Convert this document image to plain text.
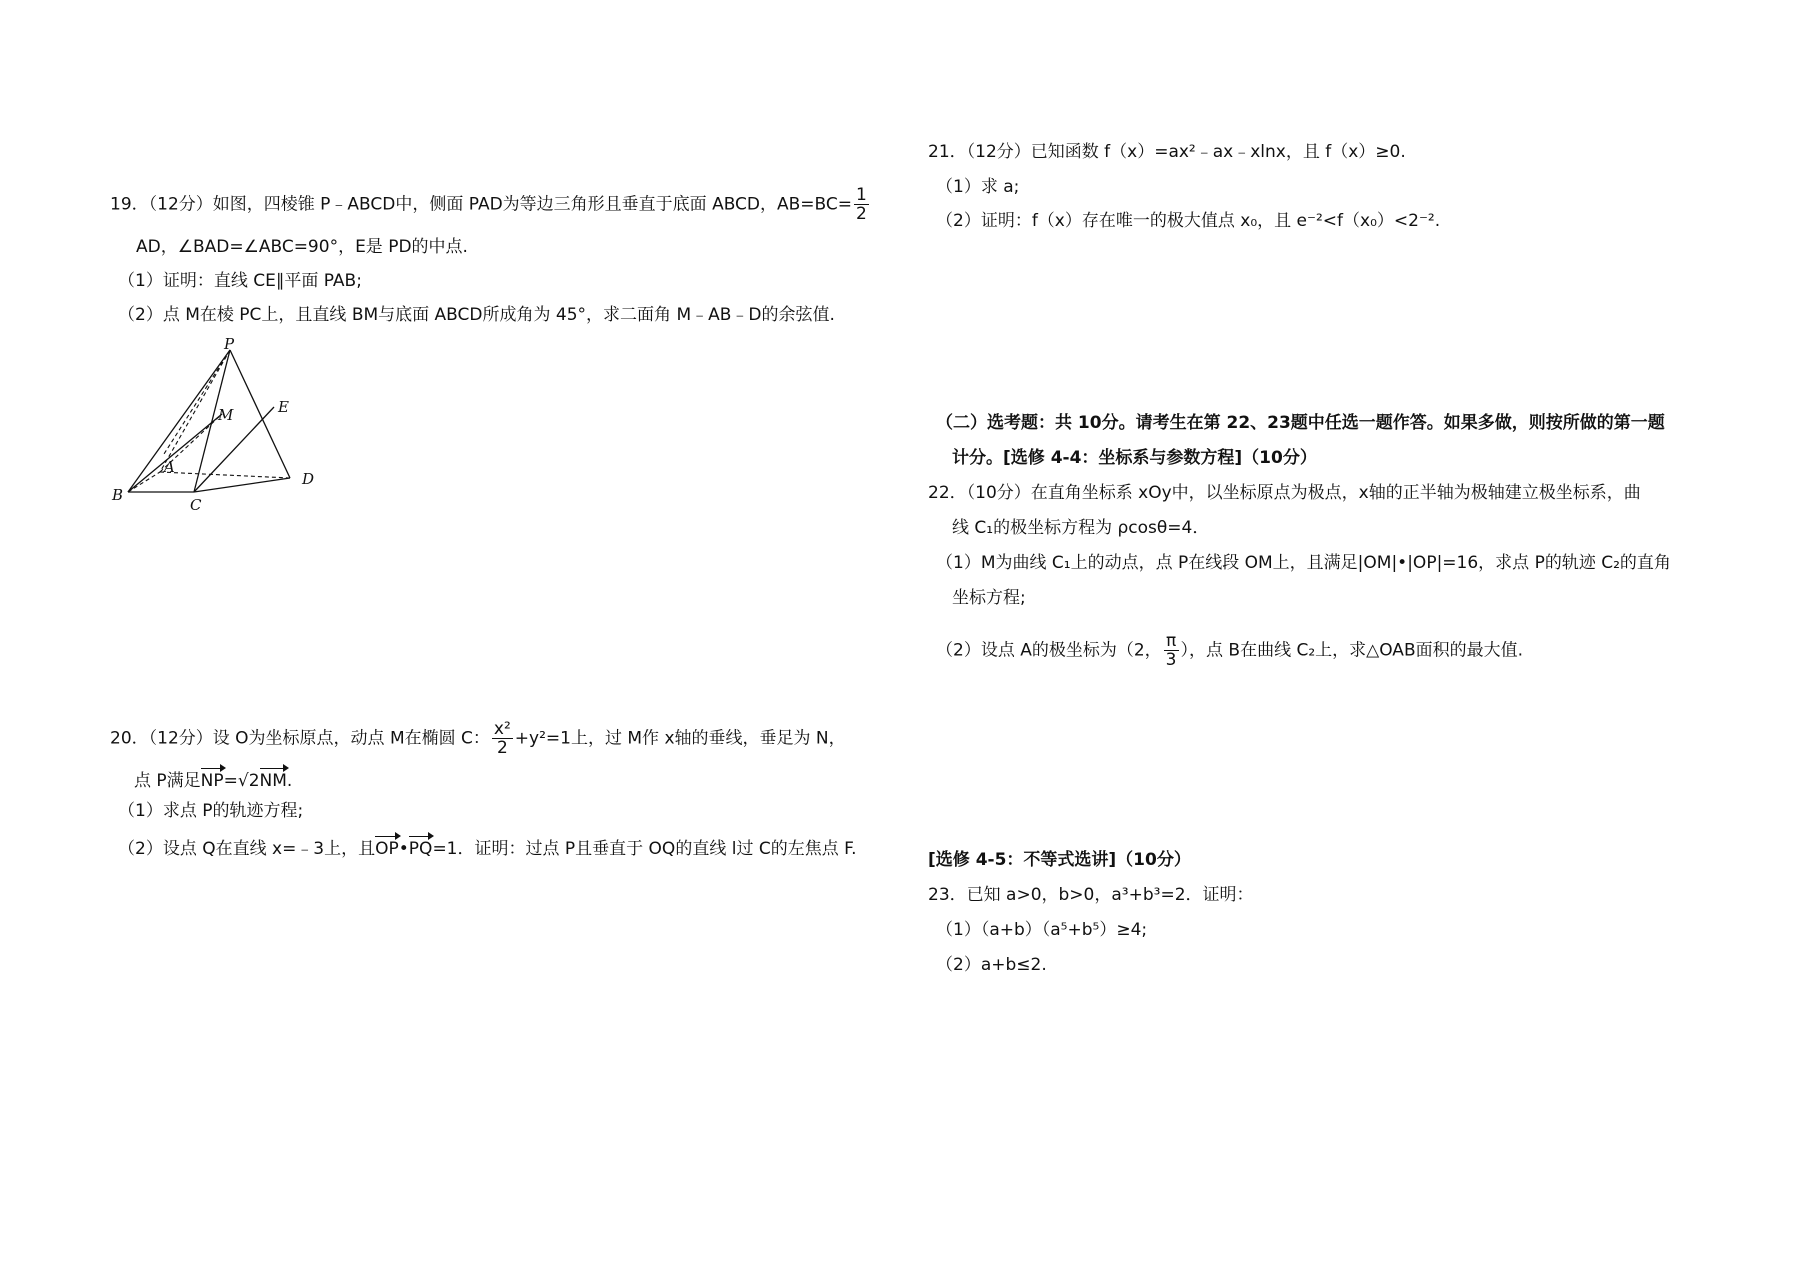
19．（12分）如图，四棱锥 P﹣ABCD中，侧面 PAD为等边三角形且垂直于底面 ABCD，$AB=BC= \frac{1}{2}$
AD，∠BAD=∠ABC=90°，E是 PD的中点.
（1）证明：直线 CE∥平面 PAB;
（2）点 M在棱 PC上，且直线 BM与底面 ABCD所成角为 45°，求二面角 M﹣AB﹣D的余弦值.
P
M	E
A
B
C
D
20．（12分）设 O为坐标原点，动点 M在椭圆 C： $\frac{\text{x²}}{2} +y^2=1$上，过 M作 x轴的垂线，垂足为 N，
点 P满足NP=√2NM.
（1）求点 P的轨迹方程;
（2）设点 Q在直线 x=﹣3上，且OP•PQ=1．证明：过点 P且垂直于 OQ的直线 l过 C的左焦点 F.
21．（12分）已知函数 f（x）=ax²﹣ax﹣xlnx，且 f（x）≥0.
（1）求 a;
（2）证明：f（x）存在唯一的极大值点 x₀，且 e⁻²<f（x₀）<2⁻².
（二）选考题：共 10分。请考生在第 22、23题中任选一题作答。如果多做，则按所做的第一题
计分。[选修 4-4：坐标系与参数方程]（10分）
22．（10分）在直角坐标系 xOy中，以坐标原点为极点，x轴的正半轴为极轴建立极坐标系，曲
线 C₁的极坐标方程为 ρcosθ=4．
（1）M为曲线 C₁上的动点，点 P在线段 OM上，且满足|OM|•|OP|=16，求点 P的轨迹 C₂的直角
坐标方程;
（2）设点 A的极坐标为（2， $\frac{\pi}{3}$ ），点 B在曲线 C₂上，求△OAB面积的最大值.
[选修 4-5：不等式选讲]（10分）
23．已知 a>0，b>0，a³+b³=2．证明：
（1）（a+b）（a⁵+b⁵）≥4;
（2）a+b≤2.
